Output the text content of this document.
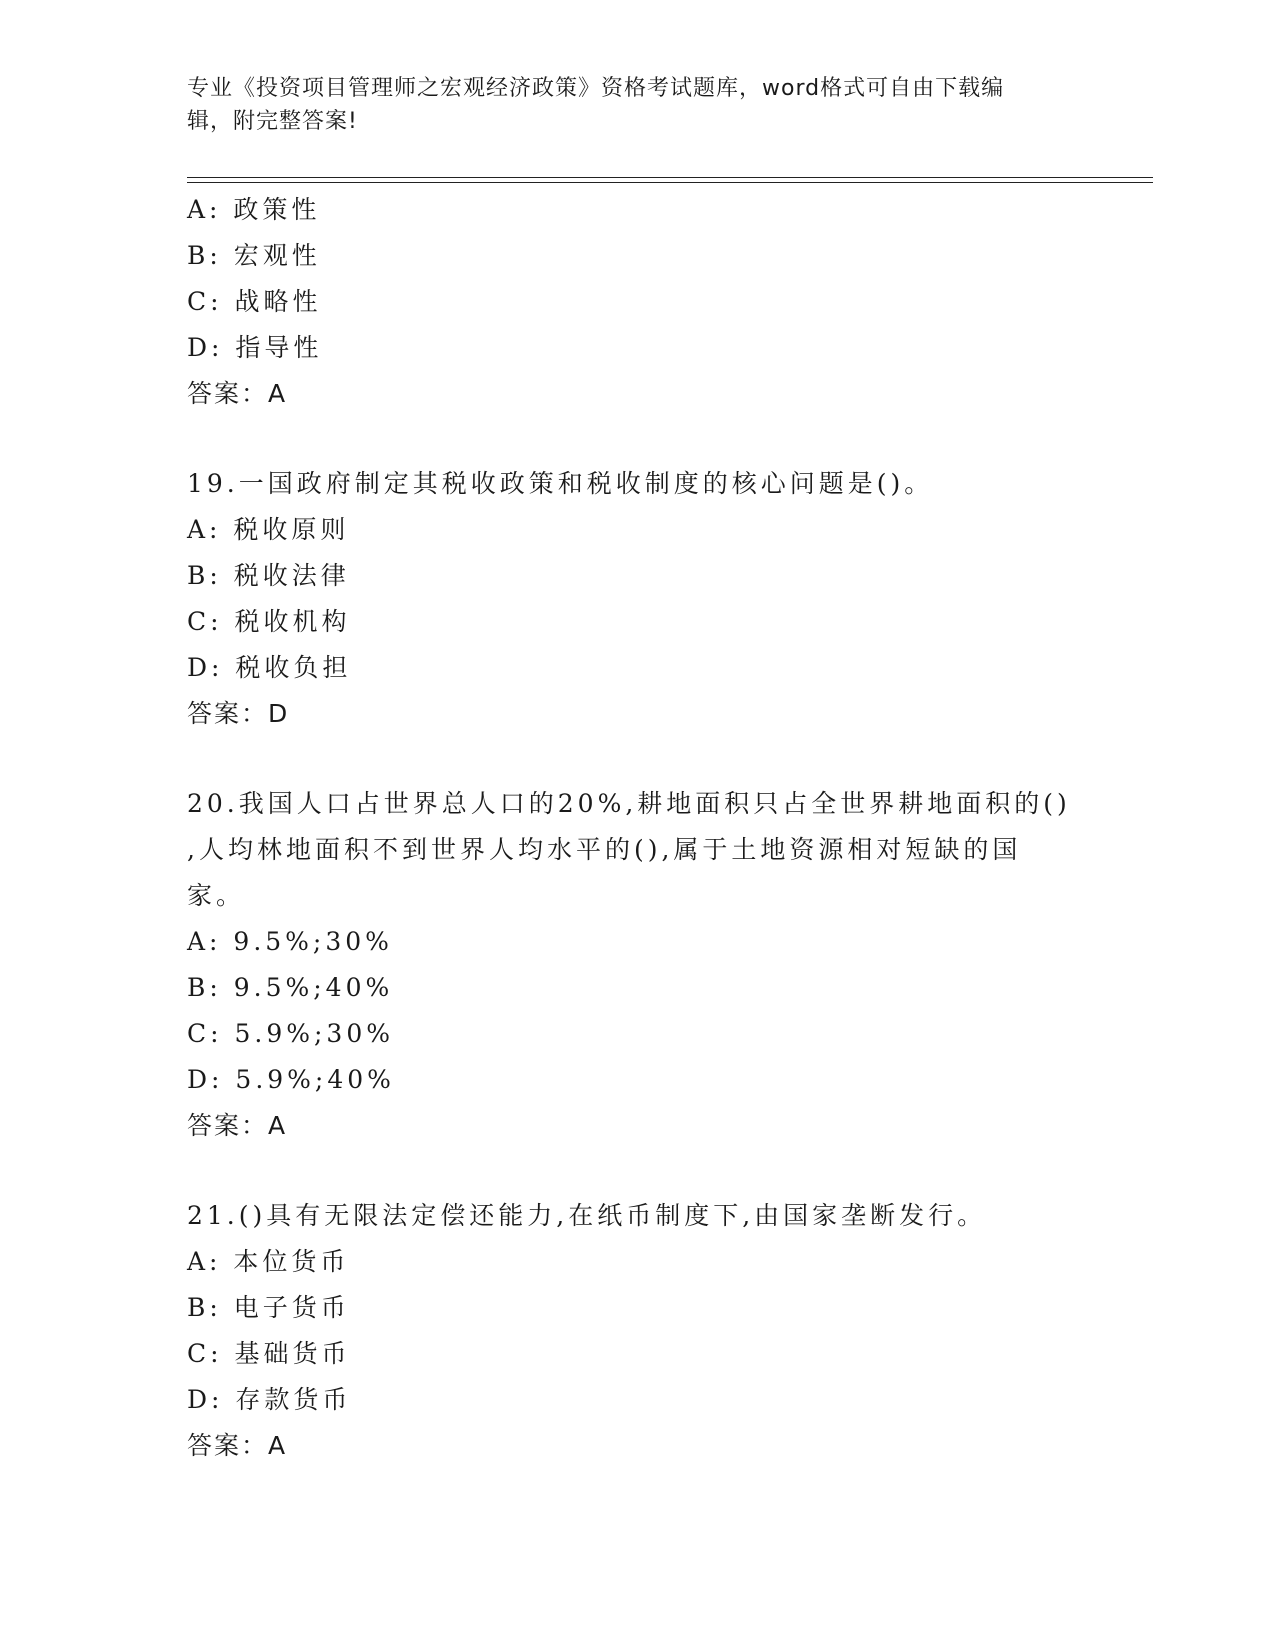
专业《投资项目管理师之宏观经济政策》资格考试题库，word格式可自由下载编
辑，附完整答案!
A: 政策性
B: 宏观性
C: 战略性
D: 指导性
答案：A
19.一国政府制定其税收政策和税收制度的核心问题是()。
A: 税收原则
B: 税收法律
C: 税收机构
D: 税收负担
答案：D
20.我国人口占世界总人口的20%,耕地面积只占全世界耕地面积的()
,人均林地面积不到世界人均水平的(),属于土地资源相对短缺的国
家。
A: 9.5%;30%
B: 9.5%;40%
C: 5.9%;30%
D: 5.9%;40%
答案：A
21.()具有无限法定偿还能力,在纸币制度下,由国家垄断发行。
A: 本位货币
B: 电子货币
C: 基础货币
D: 存款货币
答案：A
